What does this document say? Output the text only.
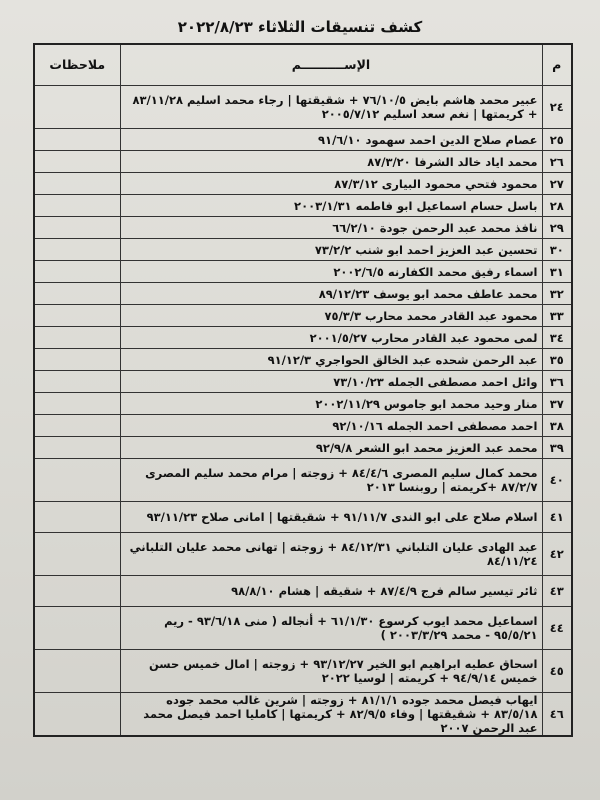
كشف تنسيقات الثلاثاء ٢٠٢٢/٨/٢٣
م	الإســــــــــم	ملاحظات
٢٤	عبير محمد هاشم بايض ٧٦/١٠/٥ + شقيقتها | رجاء محمد اسليم ٨٣/١١/٢٨ + كريمتها | نغم سعد اسليم ٢٠٠٥/٧/١٢	
٢٥	عصام صلاح الدين احمد سهمود ٩١/٦/١٠	
٢٦	محمد اياد خالد الشرفا ٨٧/٣/٢٠	
٢٧	محمود فتحي محمود البيارى ٨٧/٣/١٢	
٢٨	باسل حسام اسماعيل ابو فاطمه ٢٠٠٣/١/٣١	
٢٩	نافذ محمد عبد الرحمن جودة ٦٦/٢/١٠	
٣٠	تحسين عبد العزيز احمد ابو شنب ٧٣/٢/٢	
٣١	اسماء رفيق محمد الكفارنه ٢٠٠٢/٦/٥	
٣٢	محمد عاطف محمد ابو يوسف ٨٩/١٢/٢٣	
٣٣	محمود عبد القادر محمد محارب ٧٥/٣/٣	
٣٤	لمى محمود عبد القادر محارب ٢٠٠١/٥/٢٧	
٣٥	عبد الرحمن شحده عبد الخالق الحواجري ٩١/١٢/٣	
٣٦	وائل احمد مصطفى الجمله ٧٣/١٠/٢٣	
٣٧	منار وحيد محمد ابو جاموس ٢٠٠٢/١١/٢٩	
٣٨	احمد مصطفى احمد الجمله ٩٢/١٠/١٦	
٣٩	محمد عبد العزيز محمد ابو الشعر ٩٢/٩/٨	
٤٠	محمد كمال سليم المصرى ٨٤/٤/٦ + زوجته | مرام محمد سليم المصرى ٨٧/٢/٧ +كريمته | روبنسا ٢٠١٣	
٤١	اسلام صلاح على ابو الندى ٩١/١١/٧ + شقيقتها | امانى صلاح ٩٣/١١/٢٣	
٤٢	عبد الهادى عليان التلباني ٨٤/١٢/٣١ + زوجته | تهانى محمد عليان التلباني ٨٤/١١/٢٤	
٤٣	ثائر تيسير سالم فرج ٨٧/٤/٩ + شقيقه | هشام ٩٨/٨/١٠	
٤٤	اسماعيل محمد ايوب كرسوع ٦١/١/٣٠ + أنجاله ( منى ٩٣/٦/١٨ - ريم ٩٥/٥/٢١ - محمد ٢٠٠٣/٣/٢٩ )	
٤٥	اسحاق عطيه ابراهيم ابو الخير ٩٣/١٢/٢٧ + زوجته | امال خميس حسن خميس ٩٤/٩/١٤ + كريمته | لوسيا ٢٠٢٢	
٤٦	ايهاب فيصل محمد جوده ٨١/١/١ + زوجته | شرين غالب محمد جوده ٨٣/٥/١٨ + شقيقتها | وفاء ٨٢/٩/٥ + كريمتها | كامليا احمد فيصل محمد عبد الرحمن ٢٠٠٧	
